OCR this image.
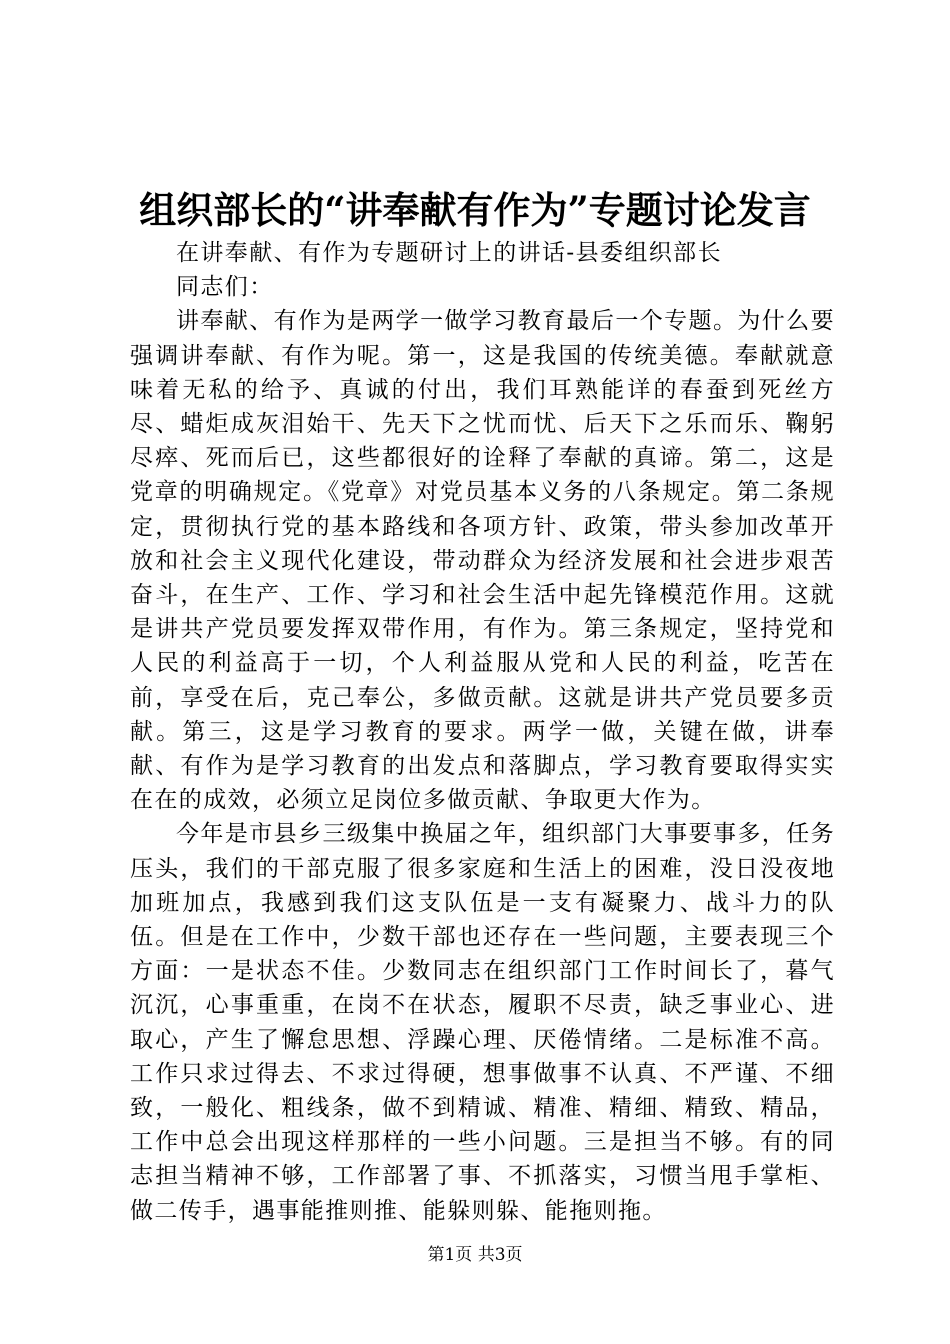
组织部长的“讲奉献有作为”专题讨论发言

在讲奉献、有作为专题研讨上的讲话-县委组织部长

同志们：

讲奉献、有作为是两学一做学习教育最后一个专题。为什么要强调讲奉献、有作为呢。第一，这是我国的传统美德。奉献就意味着无私的给予、真诚的付出，我们耳熟能详的春蚕到死丝方尽、蜡炬成灰泪始干、先天下之忧而忧、后天下之乐而乐、鞠躬尽瘁、死而后已，这些都很好的诠释了奉献的真谛。第二，这是党章的明确规定。《党章》对党员基本义务的八条规定。第二条规定，贯彻执行党的基本路线和各项方针、政策，带头参加改革开放和社会主义现代化建设，带动群众为经济发展和社会进步艰苦奋斗，在生产、工作、学习和社会生活中起先锋模范作用。这就是讲共产党员要发挥双带作用，有作为。第三条规定，坚持党和人民的利益高于一切，个人利益服从党和人民的利益，吃苦在前，享受在后，克己奉公，多做贡献。这就是讲共产党员要多贡献。第三，这是学习教育的要求。两学一做，关键在做，讲奉献、有作为是学习教育的出发点和落脚点，学习教育要取得实实在在的成效，必须立足岗位多做贡献、争取更大作为。

今年是市县乡三级集中换届之年，组织部门大事要事多，任务压头，我们的干部克服了很多家庭和生活上的困难，没日没夜地加班加点，我感到我们这支队伍是一支有凝聚力、战斗力的队伍。但是在工作中，少数干部也还存在一些问题，主要表现三个方面：一是状态不佳。少数同志在组织部门工作时间长了，暮气沉沉，心事重重，在岗不在状态，履职不尽责，缺乏事业心、进取心，产生了懈怠思想、浮躁心理、厌倦情绪。二是标准不高。工作只求过得去、不求过得硬，想事做事不认真、不严谨、不细致，一般化、粗线条，做不到精诚、精准、精细、精致、精品，工作中总会出现这样那样的一些小问题。三是担当不够。有的同志担当精神不够，工作部署了事、不抓落实，习惯当甩手掌柜、做二传手，遇事能推则推、能躲则躲、能拖则拖。

第1页 共3页
